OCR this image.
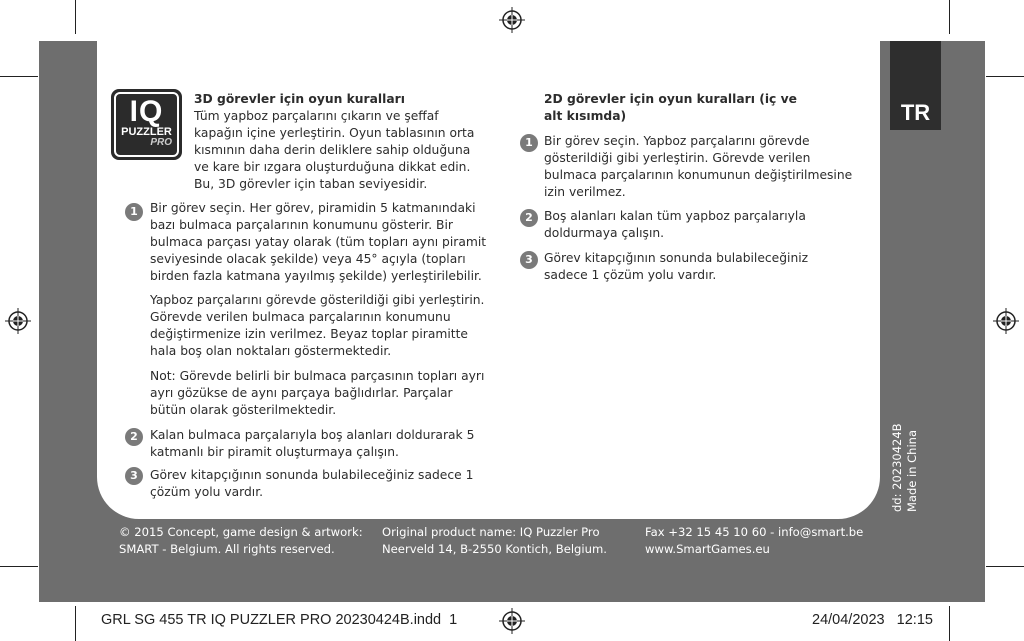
TR
IQ
PUZZLER
PRO
3D görevler için oyun kuralları
Tüm yapboz parçalarını çıkarın ve şeffaf kapağın içine yerleştirin. Oyun tablasının orta kısmının daha derin deliklere sahip olduğuna ve kare bir ızgara oluşturduğuna dikkat edin. Bu, 3D görevler için taban seviyesidir.
1 Bir görev seçin. Her görev, piramidin 5 katmanındaki bazı bulmaca parçalarının konumunu gösterir. Bir bulmaca parçası yatay olarak (tüm topları aynı piramit seviyesinde olacak şekilde) veya 45° açıyla (topları birden fazla katmana yayılmış şekilde) yerleştirilebilir.
Yapboz parçalarını görevde gösterildiği gibi yerleştirin. Görevde verilen bulmaca parçalarının konumunu değiştirmenize izin verilmez. Beyaz toplar piramitte hala boş olan noktaları göstermektedir.
Not: Görevde belirli bir bulmaca parçasının topları ayrı ayrı gözükse de aynı parçaya bağlıdırlar. Parçalar bütün olarak gösterilmektedir.
2 Kalan bulmaca parçalarıyla boş alanları doldurarak 5 katmanlı bir piramit oluşturmaya çalışın.
3 Görev kitapçığının sonunda bulabileceğiniz sadece 1 çözüm yolu vardır.
2D görevler için oyun kuralları (iç ve alt kısımda)
1 Bir görev seçin. Yapboz parçalarını görevde gösterildiği gibi yerleştirin. Görevde verilen bulmaca parçalarının konumunun değiştirilmesine izin verilmez.
2 Boş alanları kalan tüm yapboz parçalarıyla doldurmaya çalışın.
3 Görev kitapçığının sonunda bulabileceğiniz sadece 1 çözüm yolu vardır.
© 2015 Concept, game design & artwork:
SMART - Belgium. All rights reserved.
Original product name: IQ Puzzler Pro
Neerveld 14, B-2550 Kontich, Belgium.
Fax +32 15 45 10 60 - info@smart.be
www.SmartGames.eu
dd: 20230424B Made in China
GRL SG 455 TR IQ PUZZLER PRO 20230424B.indd 1	24/04/2023 12:15
